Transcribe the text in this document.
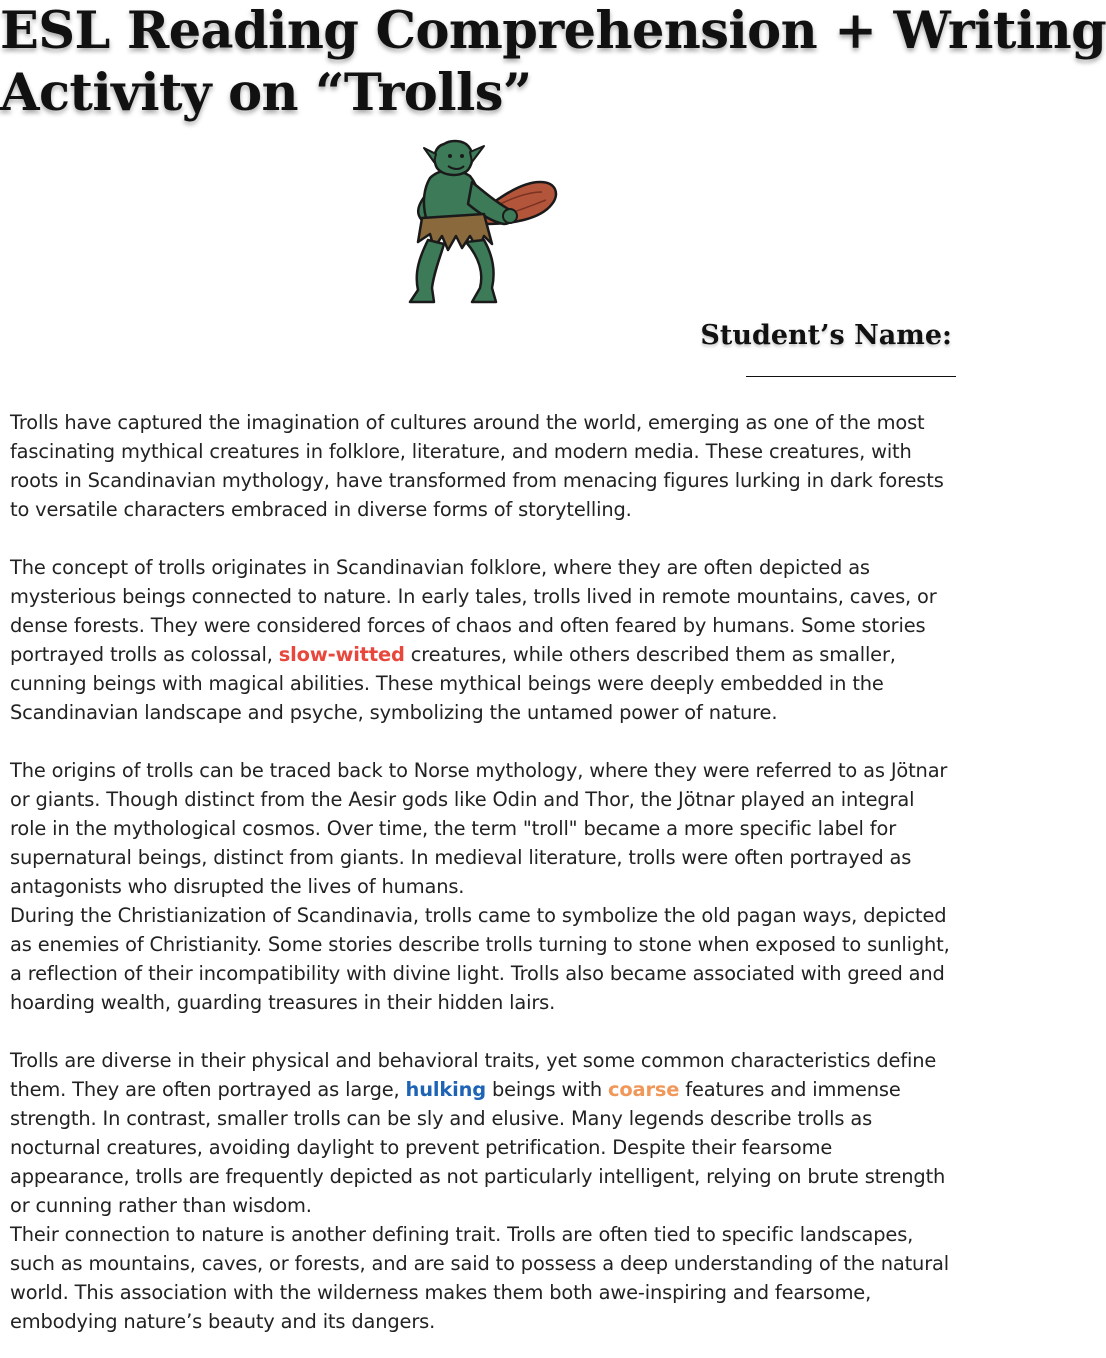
ESL Reading Comprehension + Writing
Activity on “Trolls”
Student’s Name:

Trolls have captured the imagination of cultures around the world, emerging as one of the most fascinating mythical creatures in folklore, literature, and modern media. These creatures, with roots in Scandinavian mythology, have transformed from menacing figures lurking in dark forests to versatile characters embraced in diverse forms of storytelling.

The concept of trolls originates in Scandinavian folklore, where they are often depicted as mysterious beings connected to nature. In early tales, trolls lived in remote mountains, caves, or dense forests. They were considered forces of chaos and often feared by humans. Some stories portrayed trolls as colossal, slow-witted creatures, while others described them as smaller, cunning beings with magical abilities. These mythical beings were deeply embedded in the Scandinavian landscape and psyche, symbolizing the untamed power of nature.

The origins of trolls can be traced back to Norse mythology, where they were referred to as Jötnar or giants. Though distinct from the Aesir gods like Odin and Thor, the Jötnar played an integral role in the mythological cosmos. Over time, the term "troll" became a more specific label for supernatural beings, distinct from giants. In medieval literature, trolls were often portrayed as antagonists who disrupted the lives of humans.

During the Christianization of Scandinavia, trolls came to symbolize the old pagan ways, depicted as enemies of Christianity. Some stories describe trolls turning to stone when exposed to sunlight, a reflection of their incompatibility with divine light. Trolls also became associated with greed and hoarding wealth, guarding treasures in their hidden lairs.

Trolls are diverse in their physical and behavioral traits, yet some common characteristics define them. They are often portrayed as large, hulking beings with coarse features and immense strength. In contrast, smaller trolls can be sly and elusive. Many legends describe trolls as nocturnal creatures, avoiding daylight to prevent petrification. Despite their fearsome appearance, trolls are frequently depicted as not particularly intelligent, relying on brute strength or cunning rather than wisdom.

Their connection to nature is another defining trait. Trolls are often tied to specific landscapes, such as mountains, caves, or forests, and are said to possess a deep understanding of the natural world. This association with the wilderness makes them both awe-inspiring and fearsome, embodying nature’s beauty and its dangers.
